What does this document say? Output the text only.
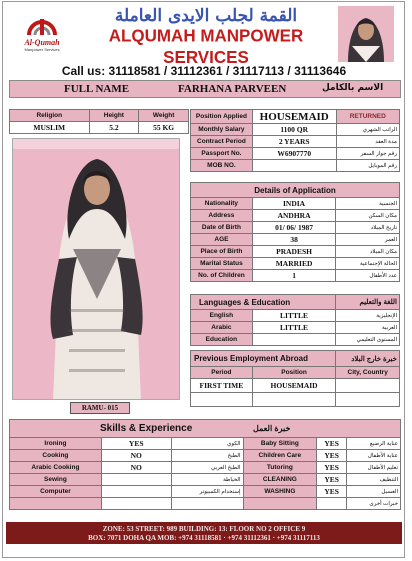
Al-Qumah
Manpower Services
القمة لجلب الايدى العاملة
ALQUMAH MANPOWER SERVICES
Call us: 31118581 / 31112361 / 31117113 / 31113646
FULL NAME	FARHANA PARVEEN	الاسم بالكامل
Religion	Height	Weight
MUSLIM	5.2	55 KG
Position Applied	HOUSEMAID	RETURNED
Monthly Salary	1100 QR	الراتب الشهري
Contract Period	2 YEARS	مدة العقد
Passport No.	W6907770	رقم جواز السفر
MOB NO.		رقم الموبايل
RAMU- 015
Details of Application		
Nationality	INDIA	الجنسية
Address	ANDHRA	مكان السكن
Date of Birth	01/ 06/ 1987	تاريخ الميلاد
AGE	38	العمر
Place of Birth	PRADESH	مكان الميلاد
Marital Status	MARRIED	الحالة الإجتماعية
No. of Children	1	عدد الأطفال
Languages & Education		اللغة والتعليم
English	LITTLE	الإنجليزية
Arabic	LITTLE	العربية
Education		المستوى التعليمي
Previous Employment Abroad		خبرة خارج البلاد
Period	Position	City, Country
FIRST TIME	HOUSEMAID	

Skills & Experience			خبرة العمل		
Ironing	YES	الكوي	Baby Sitting	YES	عناية الرضيع
Cooking	NO	الطبخ	Children Care	YES	عناية الأطفال
Arabic Cooking	NO	الطبخ العربي	Tutoring	YES	تعليم الأطفال
Sewing		الخياطة	CLEANING	YES	التنظيف
Computer		إستخدام الكمبيوتر	WASHING	YES	الغسيل
					خبرات أخرى
ZONE: 53 STREET: 989 BUILDING: 13: FLOOR NO 2 OFFICE 9
BOX: 7071 DOHA QA MOB: +974 31118581 · +974 31112361 · +974 31117113
